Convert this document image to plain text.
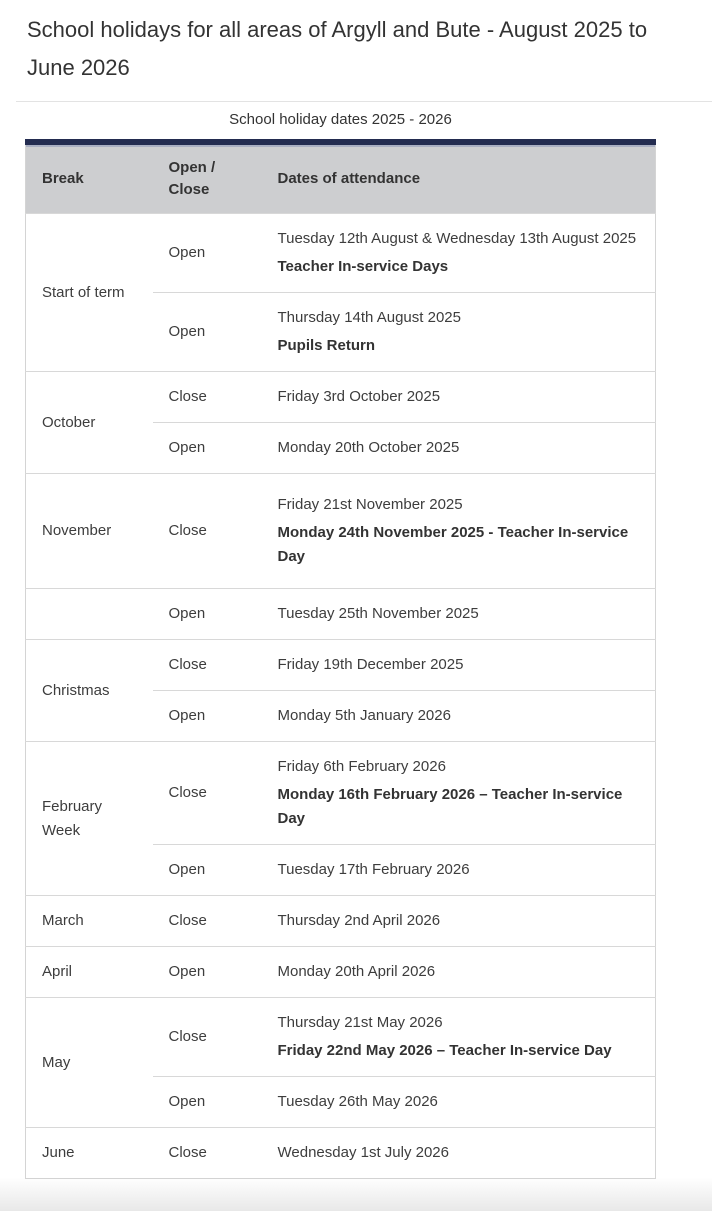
School holidays for all areas of Argyll and Bute - August 2025 to June 2026
School holiday dates 2025 - 2026
Break	Open / Close	Dates of attendance
Start of term	Open	Tuesday 12th August & Wednesday 13th August 2025
Teacher In-service Days

	Open	Thursday 14th August 2025
Pupils Return

October	Close	Friday 3rd October 2025

	Open	Monday 20th October 2025

November	Close	Friday 21st November 2025
Monday 24th November 2025 - Teacher In-service Day

	Open	Tuesday 25th November 2025

Christmas	Close	Friday 19th December 2025

	Open	Monday 5th January 2026

February Week	Close	Friday 6th February 2026
Monday 16th February 2026 – Teacher In-service Day

	Open	Tuesday 17th February 2026

March	Close	Thursday 2nd April 2026

April	Open	Monday 20th April 2026

May	Close	Thursday 21st May 2026
Friday 22nd May 2026 – Teacher In-service Day

	Open	Tuesday 26th May 2026

June	Close	Wednesday 1st July 2026
